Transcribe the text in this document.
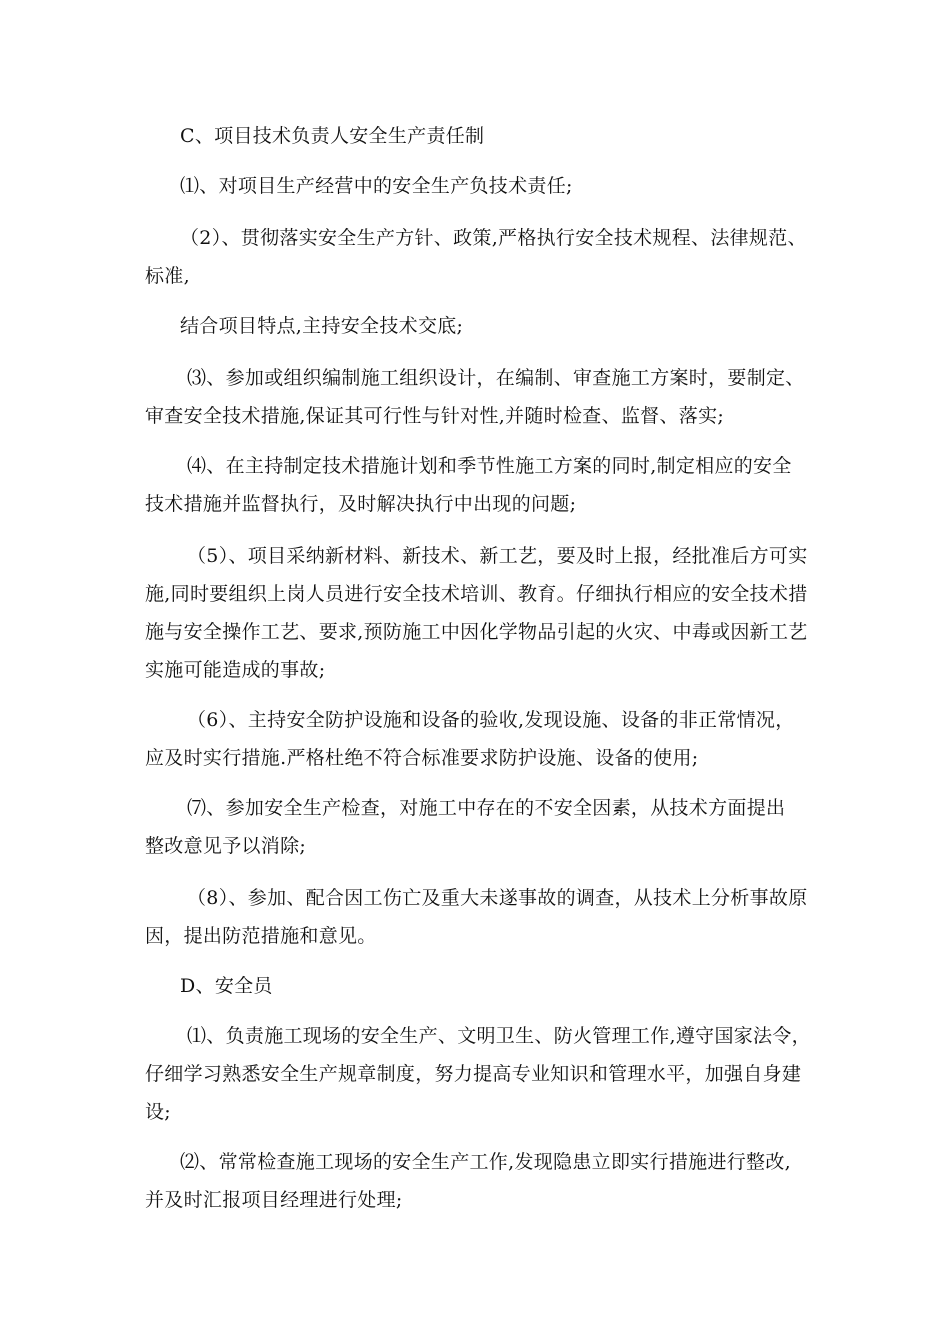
C、项目技术负责人安全生产责任制
⑴、对项目生产经营中的安全生产负技术责任;
（2）、贯彻落实安全生产方针、政策,严格执行安全技术规程、法律规范、
标准,
结合项目特点,主持安全技术交底;
⑶、参加或组织编制施工组织设计，在编制、审查施工方案时，要制定、
审查安全技术措施,保证其可行性与针对性,并随时检查、监督、落实;
⑷、在主持制定技术措施计划和季节性施工方案的同时,制定相应的安全
技术措施并监督执行，及时解决执行中出现的问题;
（5）、项目采纳新材料、新技术、新工艺，要及时上报，经批准后方可实
施,同时要组织上岗人员进行安全技术培训、教育。仔细执行相应的安全技术措
施与安全操作工艺、要求,预防施工中因化学物品引起的火灾、中毒或因新工艺
实施可能造成的事故;
（6）、主持安全防护设施和设备的验收,发现设施、设备的非正常情况，
应及时实行措施.严格杜绝不符合标准要求防护设施、设备的使用;
⑺、参加安全生产检查，对施工中存在的不安全因素，从技术方面提出
整改意见予以消除;
（8）、参加、配合因工伤亡及重大未遂事故的调查，从技术上分析事故原
因，提出防范措施和意见。
D、安全员
⑴、负责施工现场的安全生产、文明卫生、防火管理工作,遵守国家法令，
仔细学习熟悉安全生产规章制度，努力提高专业知识和管理水平，加强自身建
设;
⑵、常常检查施工现场的安全生产工作,发现隐患立即实行措施进行整改,
并及时汇报项目经理进行处理;
